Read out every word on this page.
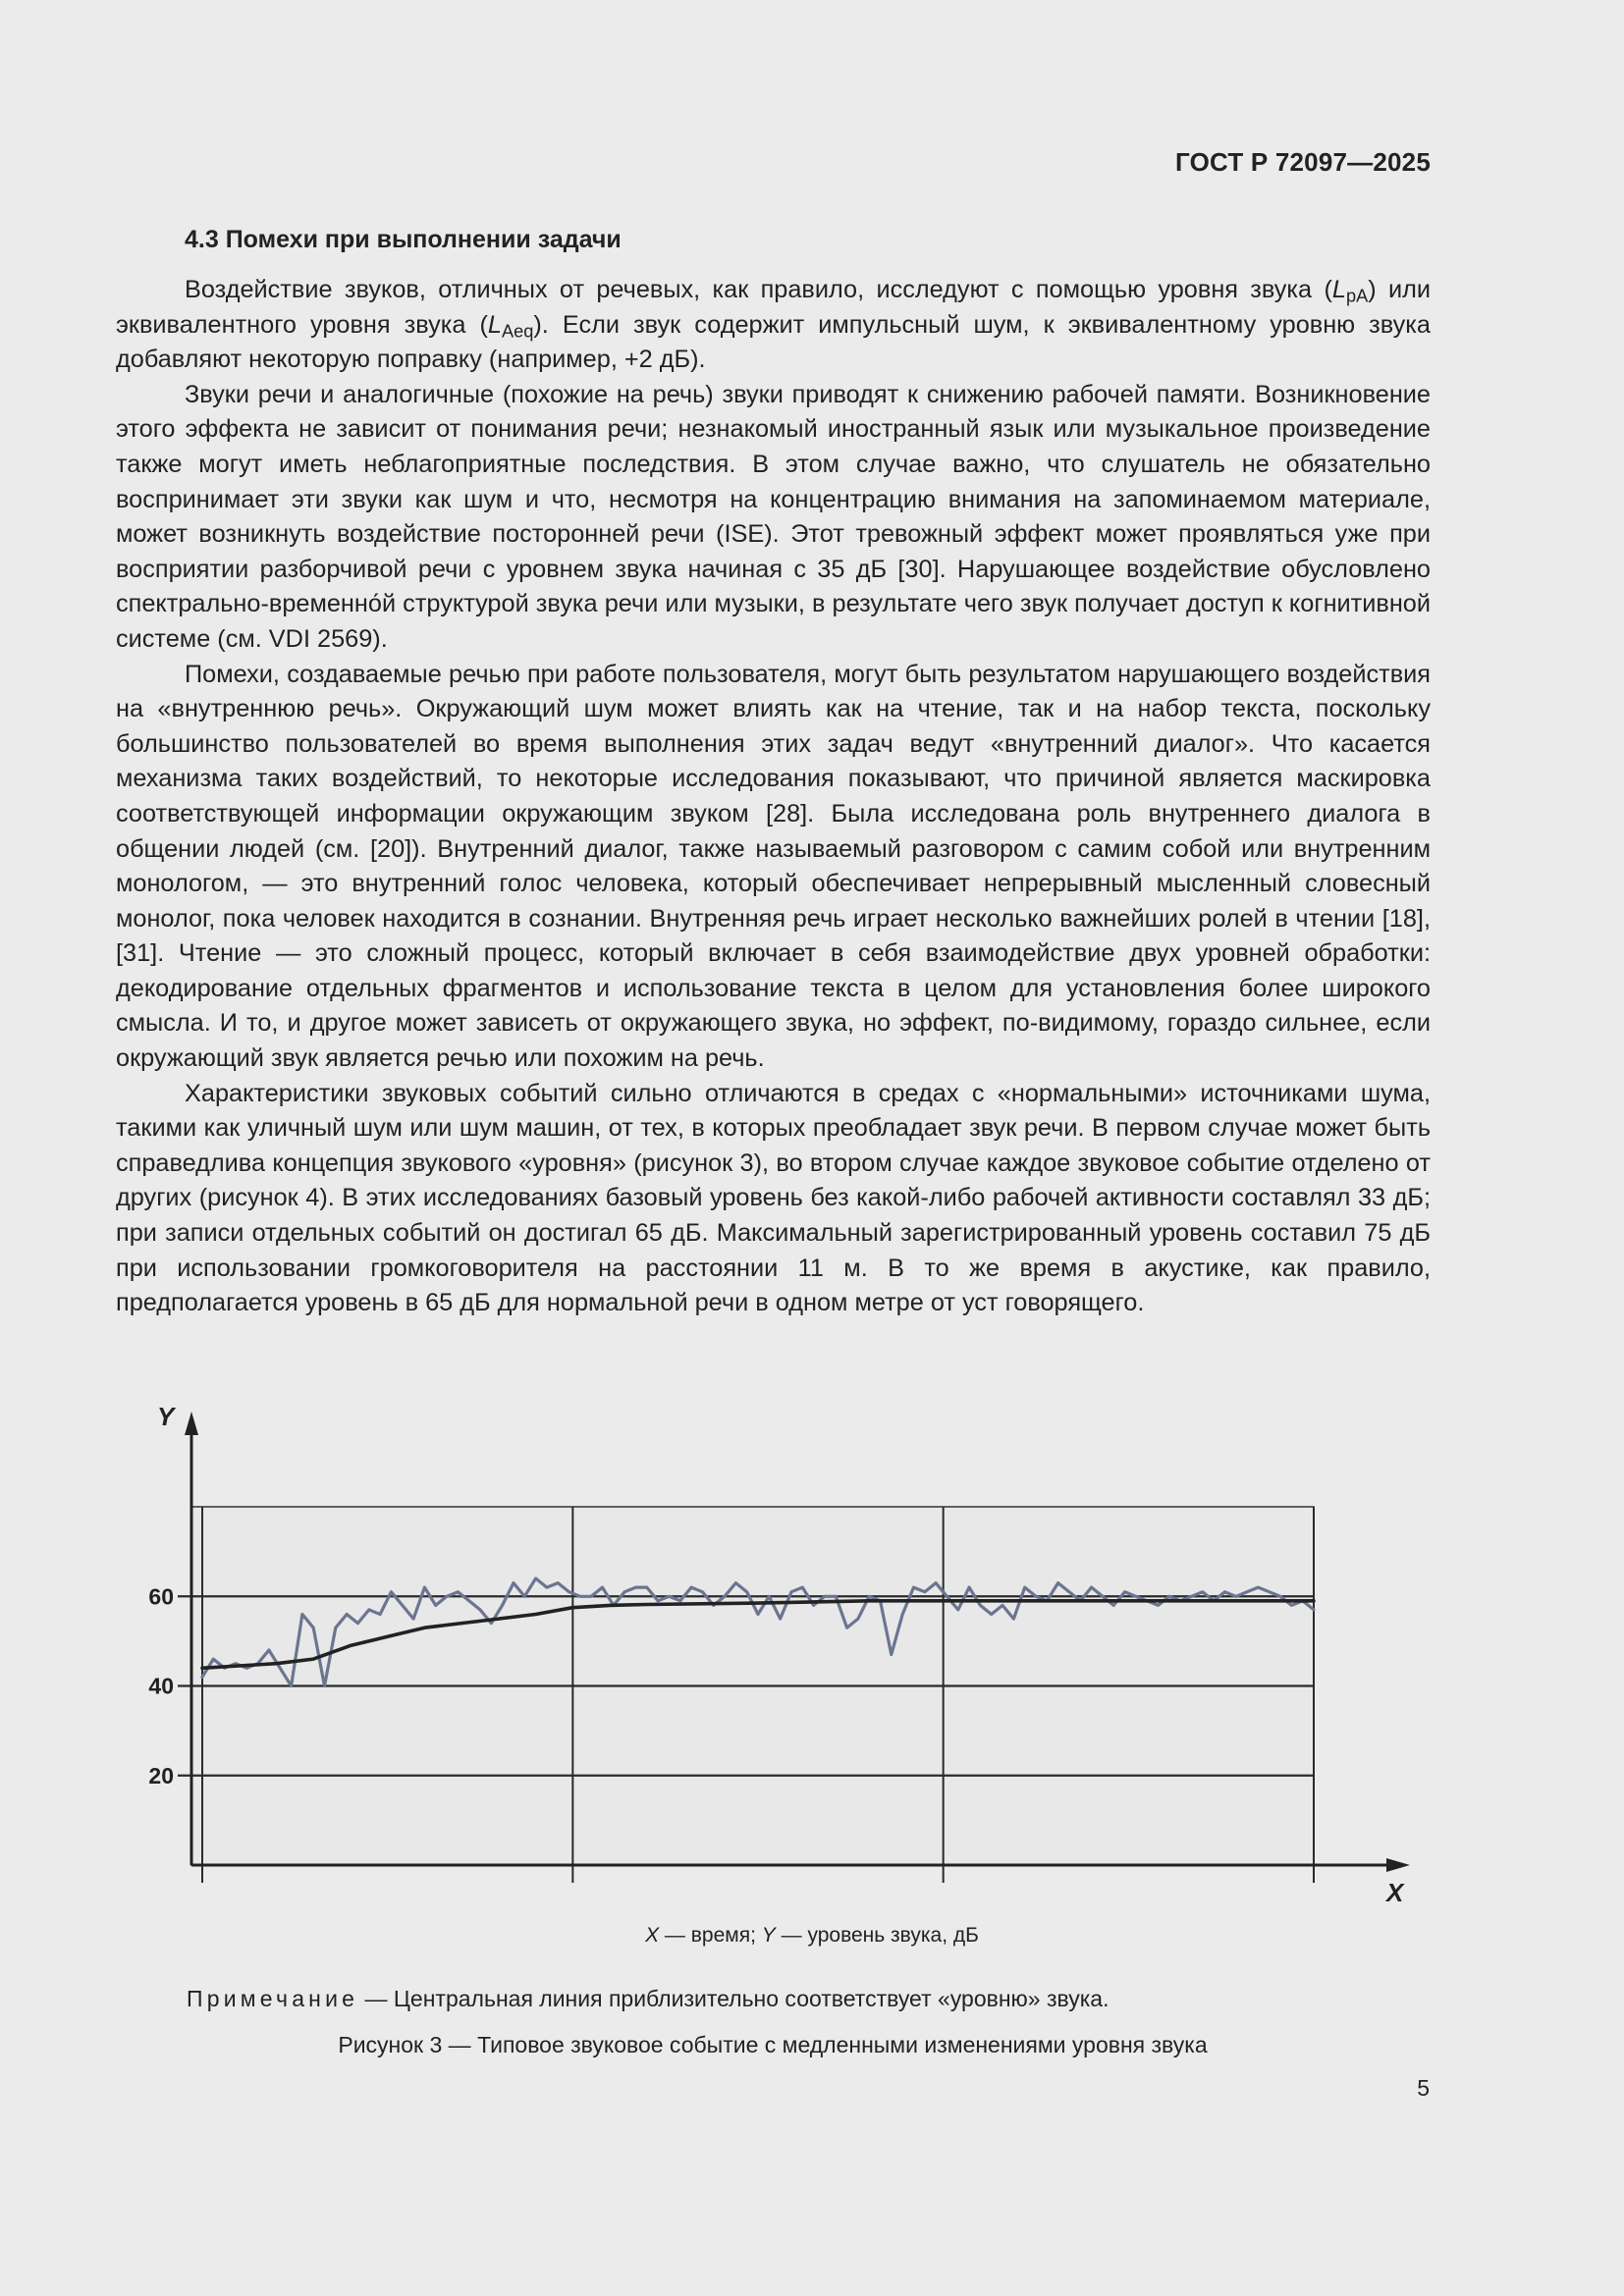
ГОСТ Р 72097—2025
4.3 Помехи при выполнении задачи

Воздействие звуков, отличных от речевых, как правило, исследуют с помощью уровня звука $(L_{pA})$ или эквивалентного уровня звука $(L_{Aeq})$. Если звук содержит импульсный шум, к эквивалентному уровню звука добавляют некоторую поправку (например, +2 дБ).

Звуки речи и аналогичные (похожие на речь) звуки приводят к снижению рабочей памяти. Возникновение этого эффекта не зависит от понимания речи; незнакомый иностранный язык или музыкальное произведение также могут иметь неблагоприятные последствия. В этом случае важно, что слушатель не обязательно воспринимает эти звуки как шум и что, несмотря на концентрацию внимания на запоминаемом материале, может возникнуть воздействие посторонней речи (ISE). Этот тревожный эффект может проявляться уже при восприятии разборчивой речи с уровнем звука начиная с 35 дБ [30]. Нарушающее воздействие обусловлено спектрально-временно́й структурой звука речи или музыки, в результате чего звук получает доступ к когнитивной системе (см. VDI 2569).

Помехи, создаваемые речью при работе пользователя, могут быть результатом нарушающего воздействия на «внутреннюю речь». Окружающий шум может влиять как на чтение, так и на набор текста, поскольку большинство пользователей во время выполнения этих задач ведут «внутренний диалог». Что касается механизма таких воздействий, то некоторые исследования показывают, что причиной является маскировка соответствующей информации окружающим звуком [28]. Была исследована роль внутреннего диалога в общении людей (см. [20]). Внутренний диалог, также называемый разговором с самим собой или внутренним монологом, — это внутренний голос человека, который обеспечивает непрерывный мысленный словесный монолог, пока человек находится в сознании. Внутренняя речь играет несколько важнейших ролей в чтении [18], [31]. Чтение — это сложный процесс, который включает в себя взаимодействие двух уровней обработки: декодирование отдельных фрагментов и использование текста в целом для установления более широкого смысла. И то, и другое может зависеть от окружающего звука, но эффект, по-видимому, гораздо сильнее, если окружающий звук является речью или похожим на речь.

Характеристики звуковых событий сильно отличаются в средах с «нормальными» источниками шума, такими как уличный шум или шум машин, от тех, в которых преобладает звук речи. В первом случае может быть справедлива концепция звукового «уровня» (рисунок 3), во втором случае каждое звуковое событие отделено от других (рисунок 4). В этих исследованиях базовый уровень без какой-либо рабочей активности составлял 33 дБ; при записи отдельных событий он достигал 65 дБ. Максимальный зарегистрированный уровень составил 75 дБ при использовании громкоговорителя на расстоянии 11 м. В то же время в акустике, как правило, предполагается уровень в 65 дБ для нормальной речи в одном метре от уст говорящего.

20
40
60
Y
X
X — время; Y — уровень звука, дБ
Примечание — Центральная линия приблизительно соответствует «уровню» звука.
Рисунок 3 — Типовое звуковое событие с медленными изменениями уровня звука
5
